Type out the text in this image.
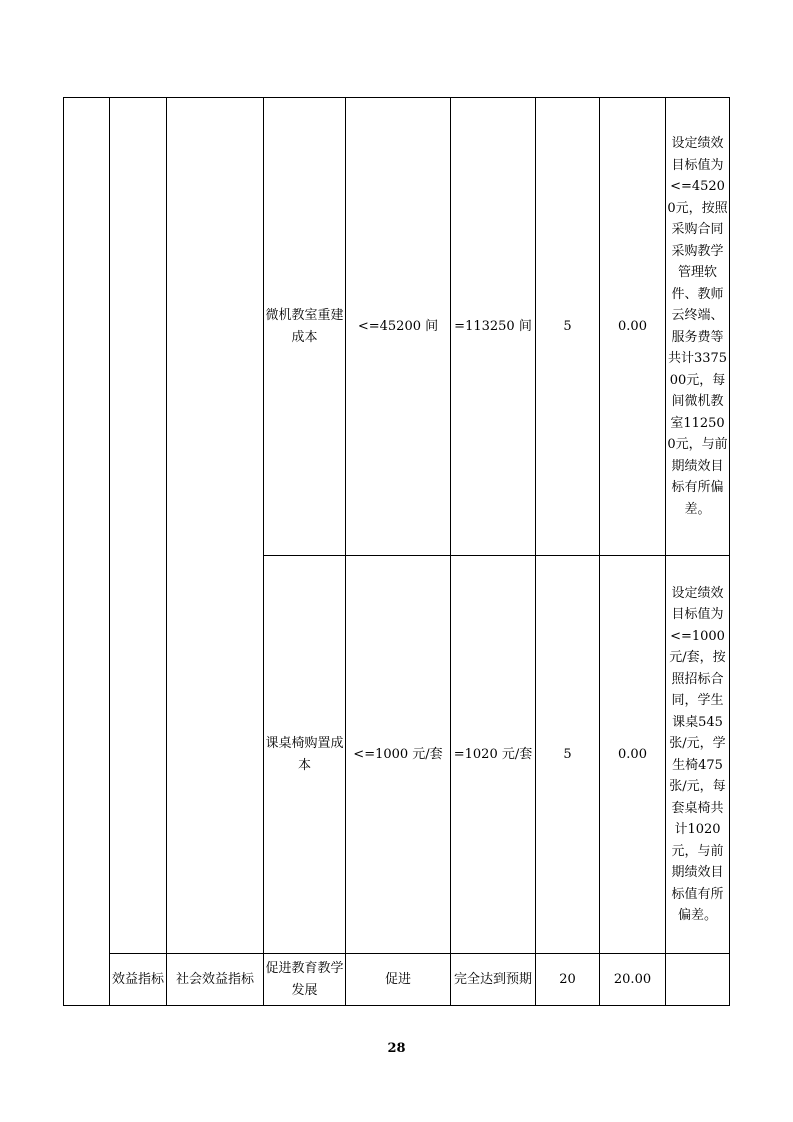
			微机教室重建成本	<=45200 间	=113250 间	5	0.00	设定绩效目标值为<=45200元，按照采购合同采购教学管理软件、教师云终端、服务费等共计337500元，每间微机教室112500元，与前期绩效目标有所偏差。
			课桌椅购置成本	<=1000 元/套	=1020 元/套	5	0.00	设定绩效目标值为<=1000元/套，按照招标合同，学生课桌545张/元，学生椅475张/元，每套桌椅共计1020元，与前期绩效目标值有所偏差。
	效益指标	社会效益指标	促进教育教学发展	促进	完全达到预期	20	20.00	
28
